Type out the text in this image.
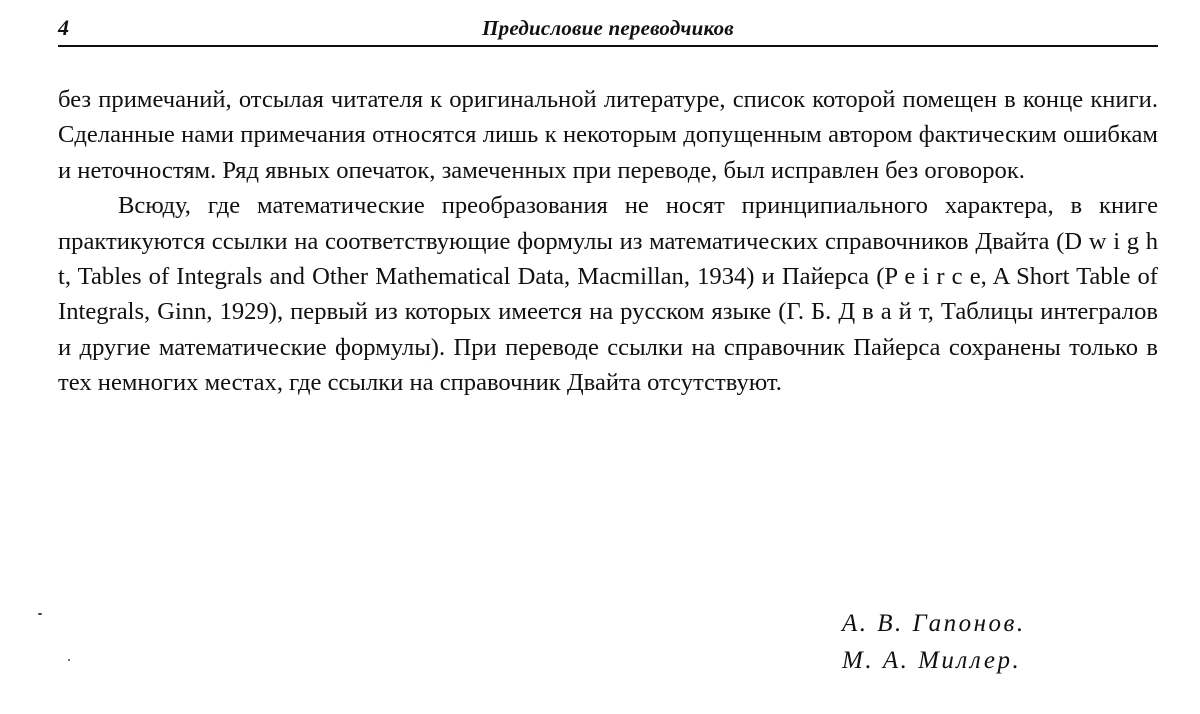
4	Предисловие переводчиков

без примечаний, отсылая читателя к оригинальной литературе, список которой помещен в конце книги. Сделанные нами примечания относятся лишь к некоторым допущенным автором фактическим ошибкам и неточностям. Ряд явных опечаток, замеченных при переводе, был исправлен без оговорок.

Всюду, где математические преобразования не носят принципиального характера, в книге практикуются ссылки на соответствующие формулы из математических справочников Двайта (D w i g h t, Tables of Integrals and Other Mathematical Data, Macmillan, 1934) и Пайерса (P e i r c e, A Short Table of Integrals, Ginn, 1929), первый из которых имеется на русском языке (Г. Б. Д в а й т, Таблицы интегралов и другие математические формулы). При переводе ссылки на справочник Пайерса сохранены только в тех немногих местах, где ссылки на справочник Двайта отсутствуют.

А. В. Гапонов.
М. А. Миллер.
